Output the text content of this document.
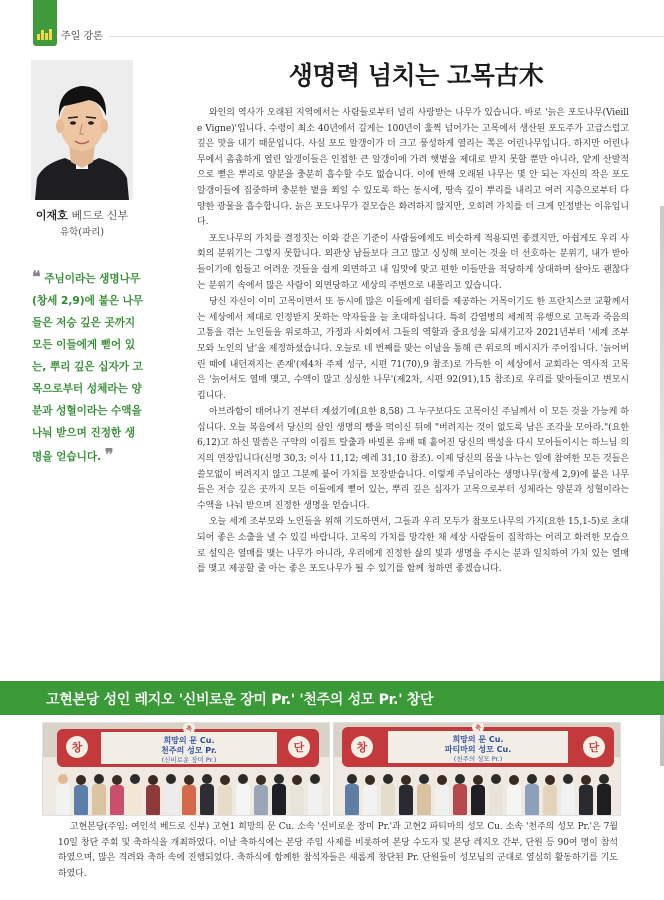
주일 강론
이재호 베드로 신부
유학(파리)
❝ 주님이라는 생명나무(창세 2,9)에 붙은 나무들은 저승 깊은 곳까지 모든 이들에게 뻗어 있는, 뿌리 깊은 십자가 고목으로부터 성체라는 양분과 성혈이라는 수액을 나눠 받으며 진정한 생명을 얻습니다. ❞
생명력 넘치는 고목古木

와인의 역사가 오래된 지역에서는 사람들로부터 널리 사랑받는 나무가 있습니다. 바로 '늙은 포도나무(Vieille Vigne)'입니다. 수령이 최소 40년에서 길게는 100년이 훌쩍 넘어가는 고목에서 생산된 포도주가 고급스럽고 깊은 맛을 내기 때문입니다. 사실 포도 알갱이가 더 크고 풍성하게 열리는 쪽은 어린나무입니다. 하지만 어린나무에서 촘촘하게 열린 알갱이들은 인접한 큰 알갱이에 가려 햇볕을 제대로 받지 못할 뿐만 아니라, 얕게 산발적으로 뻗은 뿌리로 양분을 충분히 흡수할 수도 없습니다. 이에 반해 오래된 나무는 몇 안 되는 자신의 작은 포도 알갱이들에 집중하며 충분한 볕을 쬐일 수 있도록 하는 동시에, 땅속 깊이 뿌리를 내리고 여러 지층으로부터 다양한 광물을 흡수합니다. 늙은 포도나무가 겉모습은 화려하지 않지만, 오히려 가치를 더 크게 인정받는 이유입니다.

포도나무의 가치를 결정짓는 이와 같은 기준이 사람들에게도 비슷하게 적용되면 좋겠지만, 아쉽게도 우리 사회의 분위기는 그렇지 못합니다. 외관상 남들보다 크고 많고 싱싱해 보이는 것을 더 선호하는 분위기, 내가 받아들이기에 힘들고 어려운 것들을 쉽게 외면하고 내 입맛에 맞고 편한 이들만을 적당하게 상대하며 살아도 괜찮다는 분위기 속에서 많은 사람이 외면당하고 세상의 주변으로 내몰리고 있습니다.

당신 자신이 이미 고목이면서 또 동시에 많은 이들에게 쉼터를 제공하는 거목이기도 한 프란치스코 교황께서는 세상에서 제대로 인정받지 못하는 약자들을 늘 초대하십니다. 특히 감염병의 세계적 유행으로 고독과 죽음의 고통을 겪는 노인들을 위로하고, 가정과 사회에서 그들의 역할과 중요성을 되새기고자 2021년부터 '세계 조부모와 노인의 날'을 제정하셨습니다. 오늘로 네 번째를 맞는 이날을 통해 큰 위로의 메시지가 주어집니다. '늙어버린 때에 내던져지는 존재'(제4차 주제 성구, 시편 71(70),9 참조)로 가득한 이 세상에서 교회라는 역사적 고목은 '늙어서도 열매 맺고, 수액이 많고 싱싱한 나무'(제2차, 시편 92(91),15 참조)로 우리를 맞아들이고 변모시킵니다.

아브라함이 태어나기 전부터 계셨기에(요한 8,58) 그 누구보다도 고목이신 주님께서 이 모든 것을 가능케 하십니다. 오늘 복음에서 당신의 살인 생명의 빵을 먹이신 뒤에 "버려지는 것이 없도록 남은 조각을 모아라."(요한 6,12)고 하신 말씀은 구약의 이집트 탈출과 바빌론 유배 때 흩어진 당신의 백성을 다시 모아들이시는 하느님 의지의 연장입니다(신명 30,3; 이사 11,12; 예레 31,10 참조). 이제 당신의 몸을 나누는 일에 참여한 모든 것들은 쓸모없이 버려지지 않고 그분께 붙어 가치를 보장받습니다. 이렇게 주님이라는 생명나무(창세 2,9)에 붙은 나무들은 저승 깊은 곳까지 모든 이들에게 뻗어 있는, 뿌리 깊은 십자가 고목으로부터 성체라는 양분과 성혈이라는 수액을 나눠 받으며 진정한 생명을 얻습니다.

오늘 세계 조부모와 노인들을 위해 기도하면서, 그들과 우리 모두가 참포도나무의 가지(요한 15,1-5)로 초대되어 좋은 소출을 낼 수 있길 바랍니다. 고목의 가치를 망각한 채 세상 사람들이 집착하는 어리고 화려한 모습으로 설익은 열매를 맺는 나무가 아니라, 우리에게 진정한 삶의 빛과 생명을 주시는 분과 일치하여 가치 있는 열매를 맺고 제공할 줄 아는 좋은 포도나무가 될 수 있기를 함께 청하면 좋겠습니다.

고현본당 성인 레지오 '신비로운 장미 Pr.' '천주의 성모 Pr.' 창단
창	단
축
희망의 문 Cu.
천주의 성모 Pr.
(신비로운 장미 Pr.)
창	단
축
희망의 문 Cu.
파티마의 성모 Cu.
(천주의 성모 Pr.)

고현본당(주임: 여인석 베드로 신부) 고현1 희망의 문 Cu. 소속 '신비로운 장미 Pr.'과 고현2 파티마의 성모 Cu. 소속 '천주의 성모 Pr.'은 7월 10일 창단 주회 및 축하식을 개최하였다. 이날 축하식에는 본당 주임 사제를 비롯하여 본당 수도자 및 본당 레지오 간부, 단원 등 90여 명이 참석하였으며, 많은 격려와 축하 속에 진행되었다. 축하식에 함께한 참석자들은 새롭게 창단된 Pr. 단원들이 성모님의 군대로 열심히 활동하기를 기도하였다.
